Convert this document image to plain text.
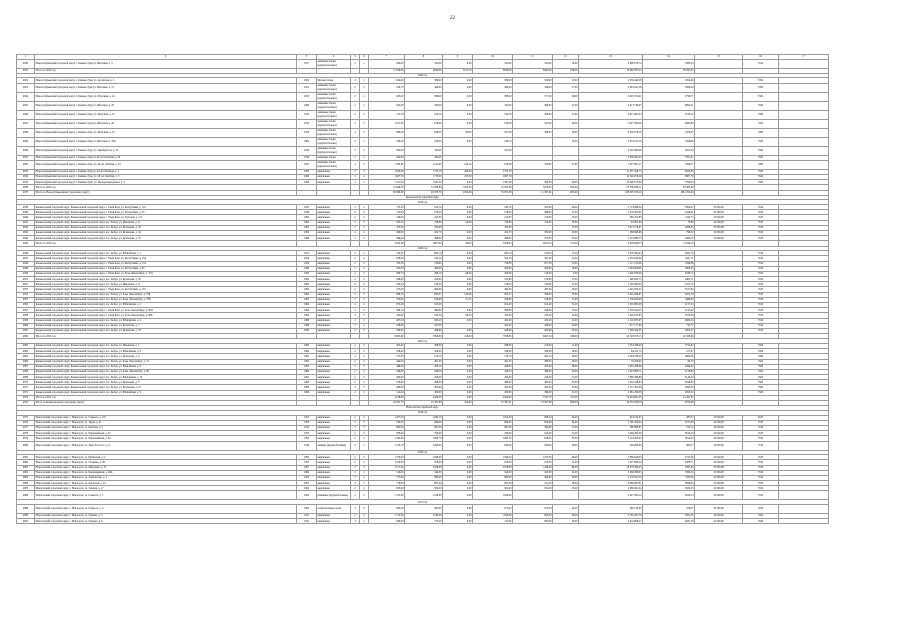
22
1	2	3	4	5	6	7	8	9	10	11	12	13	14	15	16	17
4820	Новоалтуфьевский городской округ, г. Камень-Турк ул. Яблочная, д. 5	1957	каменные блоки (крупноблочные)	2	1	950,00	545,00	0,00	545,00	545,00	18,00	2 898 070,74	3383,23		7910	
4821	Итого по 2019 год					11 928,00	9926,00	1015,10	8930,00	8262,00	298,00	16 082 953,33	26 097,67			
2020 год																
4822	Новоалтуфьевский городской округ, г. Камень-Турк, ул. Ангарская, д. 5	1954	Прочие блоки	2	2	624,00	386,00	0,00	386,00	330,00	15,00	2 359 446,38	5054,46		7950	
4823	Новоалтуфьевский городской округ, г. Камень-Турк ул. Яблочная, д. 21	1951	каменные блоки (крупноблочные)	2	2	526,70	466,00	0,00	466,00	326,00	17,00	2 893 041,56	5306,00		7950	
4824	Новоалтуфьевский городской округ, г. Камень-Турк, ул. Яблочная, д. 24	1953	каменные блоки (крупноблочные)	2	2	365,00	388,00	0,00	388,00	377,26	30,00	3 405 153,61	5750,37		7920	
4825	Новоалтуфьевский городской округ, г. Камень-Турк ул. Яблочная, д. 25	1964	каменные блоки (крупноблочные)	2	2	504,00	343,00	0,00	343,00	306,00	17,00	5 013 746,95	6892,21		7920	
4826	Новоалтуфьевский городской округ, г. Камень-Турк, ул. Яблочная, д. 27	1953	каменные блоки (крупноблочные)	2	2	572,20	524,70	0,00	524,70	306,00	21,00	3 913 981,93	5745,24		7920	
4827	Новоалтуфьевский городской округ, г. Камень-Турк ул. Яблочная, д. 28	1954	каменные блоки (крупноблочные)	2	3	1011,60	679,00	0,00	679,00	542,00	42,00	5 027 992,09	4962,88		7920	
4828	Новоалтуфьевский городской округ, г. Камень-Турк, ул. Яблочная, д. 32	1954	каменные блоки (крупноблочные)	2	2	986,00	836,40	80,00	507,00	309,00	34,00	4 458 076,16	5470,47		7920	
4829	Новоалтуфьевский городской округ, г. Камень-Турк ул. Яблочная, д. 33А	1964	каменные блоки (крупноблочные)	2	2	536,20	236,00	0,00	230,70		15,00	2 874 274,76	5358,66		7920	
4830	Новоалтуфьевский городской округ, г. Камень-Турк, ул. Декабристов, д. 13	1954	каменные блоки (крупноблочные)	2	2	364,00	352,00		352,00			2 505 960,06	5972,24		7920	
4831	Новоалтуфьевский городской округ, г. Камень-Турк ул. 40 лет Октября, д. 20	1956	каменные блоки	2	2	364,00	364,00					2 639 661,43	7851,47		7920	
4832	Новоалтуфьевский городской округ, г. Камень-Турк, ул. 40 лет Октября, д. 25	1957	каменные блоки (крупноблочные)	2	2	1 495,60	1122,00	254,10	816,00	700,00	27,00	7 397 801,17	5490,37		7920	
4833	Новоалтуфьевский городской округ, г. Камень-Турк ул. 40 лет Октября, д. 1	1959	кирпичные	3	3	1950,00	1723,10	400,00	1723,10			11 657 446,73	6450,83		7920	
4834	Новоалтуфьевский городской округ, г. Камень-Турк, ул. 40 лет Октября, д. 3	1960	кирпичные	3	4	1667,70	1735,00	167,00	1667,70			10 349 676,59	6807,79		7920	
4835	Новоалтуфьевский городской округ, г. Камень-Турк, ул. Молодогвардейская, д. 5	1956	кирпичные	2	2	1511,00	1367,40	0,00	1367,40	366,36	40,00	10 009 573,88	7356,93		7920	
4836	Итого по 2020 год					14 846,50	12 898,80	1 654,20	10 835,90	3078,62	292,00	87 586 088,11	85 985,62			
4837	Итого по Новоалтуфьевскому городскому округу					36 898,00	40 878,79	2050,00	35 972,60	11 307,61	605,00	188 305 970,20	1061 293,46			
Конькольский городской округ																
2019 год																
4838	Конькольский городской округ, Конькольский городской округ, г. Узкая Бала, ул. Республики, д. 118	1955	кирпичные	2	2	725,50	542,10	0,00	542,10	453,00	26,00	2 714 998,24	5008,41	10 000,00	7910	
4839	Конькольский городской округ, Конькольский городской округ, г. Узкая Бала, ул. Республики, д. 25	1946	кирпичные	2	2	754,00	578,20	0,00	578,20	466,00	21,00	2 570 005,82	4444,82	10 000,00	7910	
4840	Конькольский городской округ, Конькольский городской округ, г. Узкая Бала, ул. Зуевская, д. 5/4	1963	кирпичные	2	2	549,00	245,00	0,00	213,87	150,00	14,00	486 254,83	1342,75	10 000,00	7910	
4841	Конькольский городской округ, Конькольский городской округ, пос. Кобра, ул. Школьная, д. 11	1963	кирпичные	2	2	845,20	738,80	60,00	738,80	734,00	35,00	92 997,00	78,88	10 000,00	7910	
4842	Конькольский городской округ, Конькольский городской округ, пос. Кобра, ул. Кузнецова, д. 32	1965	кирпичные	2	2	475,50	435,90		435,90		17,00	1 013 174,87	2080,83	10 000,00	7910	
4843	Конькольский городской округ, Конькольский городской округ, пос. Кобра, ул. Кузнецова, д. 54	1966	кирпичные	2	2	496,00	452,70	0,00	452,70	385,00	25,00	368 698,96	798,32	10 000,00	7910	
4844	Конькольский городской округ, Конькольский городской округ, пос. Кобра, ул. Кузнецова, д. 70	1969	кирпичные	2	2	498,00	498,00	0,00	498,00	472,00	25,00	1 123 989,75	2482,53	10 000,00	7910	
4845	Итого по 2019 год					4 654,00	3607,90	60,00	3458,93	2631,00	157,00	8 408 099,23	15 840,19			
2020 год																
4846	Конькольский городской округ, Конькольский городской округ, пос. Кобра, ул. Юбилейная, д. 1	1953	кирпичные	2	2	734,20	665,10	0,00	665,10	512,00	17,00	3 079 394,95	4561,76		7910	
4847	Конькольский городской округ, Конькольский городской округ, г. Узкая Бала, ул. Республики, д. 15А	1956	кирпичные	2	2	636,90	542,10	0,00	542,10	451,00	21,00	2 356 045,00	4347,11		7910	
4848	Конькольский городской округ, Конькольский городской округ, г. Узкая Бала, ул. Республики, д. 17А	1956	кирпичные	2	2	795,50	738,80	0,00	738,80	677,50	31,00	1 171 372,06	1568,88		7910	
4849	Конькольский городской округ, Конькольский городской округ, г. Узкая Бала, ул. Республики, д. 63	1960	кирпичные	2	2	452,00	400,90	0,00	400,90	400,00	19,00	1 094 900,86	2806,53		7910	
4850	Конькольский городской округ, Конькольский городской округ, г. Узкая Бала, ул. Розы Люксембург, д. 70А	1963	кирпичные	2	2	309,70	298,10	60,00	300,00	120,00	7,00	1 000 978,09	2930,13		7910	
4851	Конькольский городской округ, Конькольский городской округ, пос. Кобра, ул. Кузнецова, д. 30	1963	кирпичные	2	2	249,80	223,00	0,00	213,80	213,80	17,00	498 645,75	2405,71		7910	
4852	Конькольский городской округ, Конькольский городской округ, пос. Кобра, ул. Школьная, д. 11	1963	кирпичные	2	2	816,20	736,30	0,00	736,30	734,00	21,00	2 546 863,93	3377,15		7910	
4853	Конькольский городской округ, Конькольский городской округ, г. Узкая Бала, ул. Республики, д. 101	1963	кирпичные	2	2	575,60	490,00	0,00	490,00	487,00	20,00	1 625 854,32	3317,84		7910	
4854	Конькольский городской округ, Конькольский городской округ, пос. Кобра, ул. Розы Люксембург, д. 70Б	1963	кирпичные	2	2	986,70	835,37	122,96	835,37	598,00	33,00	3 401 846,67	4072,18		7910	
4855	Конькольский городской округ, Конькольский городской округ, пос. Кобра, ул. Розы Люксембург, д. 70В	1963	кирпичные	2	2	370,00	326,60	51,25	326,60	196,00	11,00	1 139 650,90	3489,00		7910	
4856	Конькольский городской округ, Конькольский городской округ, пос. Кобра, ул. Юбилейная, д. 2	1964	кирпичные	2	2	672,40	625,00		612,40	612,40	31,00	1 316 881,09	2127,23		7910	
4857	Конькольский городской округ, Конькольский городской округ, г. Узкая Бала, ул. Розы Люксембург, д. 68А	1964	кирпичные	2	2	368,70	360,60	0,00	360,60	296,60	15,00	1 726 614,35	4747,62		7910	
4858	Конькольский городской округ, Конькольский городской округ, г. Узкая Бала, ул. Розы Люксембург, д. 68Б	1964	кирпичные	2	2	345,40	292,30	60,50	345,40	183,00	12,00	1 048 635,85	3035,38		7910	
4859	Конькольский городской округ, Конькольский городской округ, пос. Кобра, ул. Юбилейная, д. 4	1968	кирпичные	2	2	487,20	432,20	0,00	432,20	432,20	21,00	2 110 097,67	4882,24		7910	
4860	Конькольский городской округ, Конькольский городской округ, пос. Кобра, ул. Кузнецова, д. 7	1969	кирпичные	2	2	478,00	425,30		425,30	428,00	22,00	317 171,60	745,77		7910	
4861	Конькольский городской округ, Конькольский городской округ, пос. Кобра, ул. Кузнецова, д. 79	1969	кирпичные	2	2	490,00	449,60	0,00	449,60	405,60	23,00	1 799 422,55	4002,27		7910	
4862	Итого по 2020 год					8 803,60	7808,80	410,60	7838,85	6947,10	306,00	22 528 975,15	40 308,66			
2021 год																
4863	Конькольский городской округ, Конькольский городской округ, пос. Кобра, ул. Школьная, д. 2	1963	кирпичные	2	2	305,40	288,00	0,00	288,00	213,00	11,00	1 054 768,00	3752,62		7920	
4864	Конькольский городской округ, Конькольский городской округ, пос. Кобра, ул. Юбилейная, д. 8	1964	кирпичные	2	2	356,40	329,00	0,00	329,00	300,00	16,00	84 181,70	257,87		7920	
4865	Конькольский городской округ, Конькольский городской округ, пос. Кобра, ул. Кузнецова, д. 4	1965	кирпичные	2	2	575,30	510,70	0,00	510,70	492,70	30,00	1 364 786,30	2682,56		7920	
4866	Конькольский городской округ, Конькольский городской округ, пос. Кобра, ул. Розы Люксембург, д. 72	1965	кирпичные	2	2	444,00	401,00	0,00	401,00	380,00	20,00	78 039,92	96,70		7920	
4867	Конькольский городской округ, Конькольский городской округ, пос. Кобра, ул. Юбилейная, д. 6	1965	кирпичные	2	2	498,00	498,10	0,00	498,00	295,00	29,00	1 802 298,06	4369,42		7920	
4868	Конькольский городской округ, Конькольский городской округ, пос. Кобра, ул. Розы Люксембург, д. 80	1966	кирпичные	2	2	459,80	429,50	0,00	429,50	396,00	32,00	1 323 800,71	2718,80		7920	
4869	Конькольский городской округ, Конькольский городской округ, пос. Кобра, ул. Юбилейная, д. 10	1967	кирпичные	2	2	482,00	456,40	0,00	456,40	416,40	21,00	1 880 366,86	4146,54		7920	
4870	Конькольский городской округ, Конькольский городской округ, пос. Кобра, ул. Кузнецова, д. 3	1968	кирпичные	2	2	558,60	498,00	0,00	498,00	485,00	25,00	1 548 448,64	3040,85		7920	
4871	Конькольский городской округ, Конькольский городской округ, пос. Кобра, ул. Кузнецова, д. 19	1968	кирпичные	2	2	489,00	402,60	0,00	402,60	402,60	23,00	2 137 401,00	4893,56		7920	
4872	Конькольский городской округ, Конькольский городской округ, пос. Кобра, ул. Юбилейная, д. 9	1969	кирпичные	2	2	512,00	450,00	0,00	450,00	386,00	21,00	1 381 258,08	2856,54		7920	
4873	Итого по 2021 год					4138,00	4290,00	0,00	4290,00	3741,70	217,00	13 404 961,25	41 291,67			
4874	Итого по Конькольскому городскому округу					16 632,75	15 302,60	410,60	15 387,41	13 267,80	680,00	44 332 030,58	9700,48			
Новогорский городской округ																
2019 год																
4875	Новогорский городской округ, г. Новогорск, ул. Горького, д. 107	1947	кирпичные	2	2	1207,00	1084,10	0,00	1054,40	988,20	34,00	624 164,01	387,97	10 000,00	2910	
4876	Новогорский городской округ, г. Новогорск, ул. Труда, д. 41	1953	кирпичные	2	2	760,00	684,00	0,00	684,00	654,00	34,00	1 190 342,94	2157,08	10 000,00	7910	
4877	Новогорский городской округ, г. Новогорск, ул. Красина, д. 5	1954	кирпичные	3	3	892,00	801,00	0,00	801,00	394,00	27,00	588 888,87	722,52	10 000,00	7910	
4878	Новогорский городской округ, г. Новогорск, ул. Первомайская, д. 47	1953	кирпичные	2	2	858,00	760,00	0,00	760,00	545,00	21,00	5 468 282,39	6910,23	10 000,00	7910	
4879	Новогорский городской округ, г. Новогорск, ул. Первомайская, д. 63	1954	кирпичные	2	2	1 264,00	1084,70	0,00	1084,70	630,00	33,00	3 114 825,95	3054,93	10 000,00	7910	
4880	Новогорский городской округ, г. Новогорск, ул. Льва Толстого, д. 11	1934	бывшие (крупноблочные)	2	2	1 210,70	1090,00	0,00	836,30	580,00	20,00	529 098,00	485,37	10 000,00	7910	
2020 год																
4881	Новогорский городской округ, г. Новогорск, ул. Ирбитская, д. 2	1963	кирпичные	2	2	1750,00	1599,00	0,00	1599,00	1237,00	46,00	2 886 629,95	2741,96	10 000,00	7910	
4882	Новогорский городской округ, г. Новогорск, ул. Гагарина, д. 49	1953	кирпичные	2	2	1196,00	978,00	0,00	978,00	972,00	21,00	1 307 680,44	4308,71	10 000,00	7910	
4883	Новогорский городской округ, г. Новогорск, ул. Мичурина, д. 37	1957	кирпичные	3	3	2771,40	2479,00	0,00	2479,00	1436,00	69,00	10 876 382,03	4397,46	10 000,00	7910	
4884	Новогорский городской округ, г. Новогорск, ул. Первомайская, д. 49А	1960	кирпичные	2	2	516,00	540,00	0,00	544,00	545,00	24,00	5 266 830,85	7666,34	10 000,00	7910	
4885	Новогорский городской округ, г. Новогорск, ул. Лермонтова, д. 2	1953	кирпичные	2	2	757,00	684,00	0,00	684,00	460,00	30,00	5 176 561,54	7565,90	10 000,00	7910	
4886	Новогорский городской округ, г. Новогорск, ул. Крупской, д. 22	1953	кирпичные	2	2	776,00	667,40	0,00	667,40	521,00	30,00	6 066 987,81	9090,64	10 000,00	7910	
4887	Новогорский городской округ, г. Новогорск, ул. Зеленая, д. 17	1962	кирпичные	2	2	633,00	582,00	0,00	582,00	582,00	25,00	2 089 841,04	3562,35	10 000,00	7910	
4888	Новогорский городской округ, г. Новогорск, ул. Горького, д. 1	1963	каменные (крупноблочные)	2	2	1 315,00	1 168,00	0,00	1168,00			3 427 095,14	2934,33	10 000,00	7910	
2021 год																
4889	Новогорский городской округ, г. Новогорск, ул. Горького, д. 3	1962	шлакоблочные блоки	3	3	963,00	862,00	0,00	673,42	673,00	24,00	286 150,60	229,07	10 000,00	2910	
4890	Новогорский городской округ, г. Новогорск, ул. Герцена, д. 5	1951	кирпичные	2	2	1 175,00	1036,40	0,00	1036,40	850,00	26,00	3 784 431,70	3651,55	10 000,00	7920	
4891	Новогорский городской округ, г. Новогорск, ул. Герцена, д. 6	1951	кирпичные	2	2	836,00	735,40	0,00	735,40	685,00	29,00	4 619 608,27	6281,58	10 000,00	7920	
